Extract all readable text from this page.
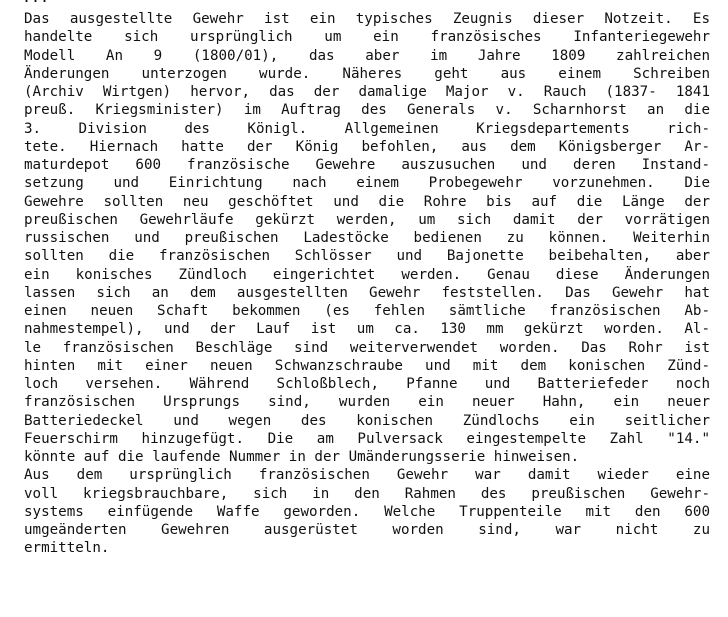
Das ausgestellte Gewehr ist ein typisches Zeugnis dieser Notzeit. Es
handelte sich ursprünglich um ein französisches Infanteriegewehr
Modell An 9 (1800/01), das aber im Jahre 1809 zahlreichen
Änderungen unterzogen wurde. Näheres geht aus einem Schreiben
(Archiv Wirtgen) hervor, das der damalige Major v. Rauch (1837- 1841
preuß. Kriegsminister) im Auftrag des Generals v. Scharnhorst an die
3. Division des Königl. Allgemeinen Kriegsdepartements rich-
tete. Hiernach hatte der König befohlen, aus dem Königsberger Ar-
maturdepot 600 französische Gewehre auszusuchen und deren Instand-
setzung und Einrichtung nach einem Probegewehr vorzunehmen. Die
Gewehre sollten neu geschöftet und die Rohre bis auf die Länge der
preußischen Gewehrläufe gekürzt werden, um sich damit der vorrätigen
russischen und preußischen Ladestöcke bedienen zu können. Weiterhin
sollten die französischen Schlösser und Bajonette beibehalten, aber
ein konisches Zündloch eingerichtet werden. Genau diese Änderungen
lassen sich an dem ausgestellten Gewehr feststellen. Das Gewehr hat
einen neuen Schaft bekommen (es fehlen sämtliche französischen Ab-
nahmestempel), und der Lauf ist um ca. 130 mm gekürzt worden. Al-
le französischen Beschläge sind weiterverwendet worden. Das Rohr ist
hinten mit einer neuen Schwanzschraube und mit dem konischen Zünd-
loch versehen. Während Schloßblech, Pfanne und Batteriefeder noch
französischen Ursprungs sind, wurden ein neuer Hahn, ein neuer
Batteriedeckel und wegen des konischen Zündlochs ein seitlicher
Feuerschirm hinzugefügt. Die am Pulversack eingestempelte Zahl "14."
könnte auf die laufende Nummer in der Umänderungsserie hinweisen.
Aus dem ursprünglich französischen Gewehr war damit wieder eine
voll kriegsbrauchbare, sich in den Rahmen des preußischen Gewehr-
systems einfügende Waffe geworden. Welche Truppenteile mit den 600
umgeänderten Gewehren ausgerüstet worden sind, war nicht zu
ermitteln.
